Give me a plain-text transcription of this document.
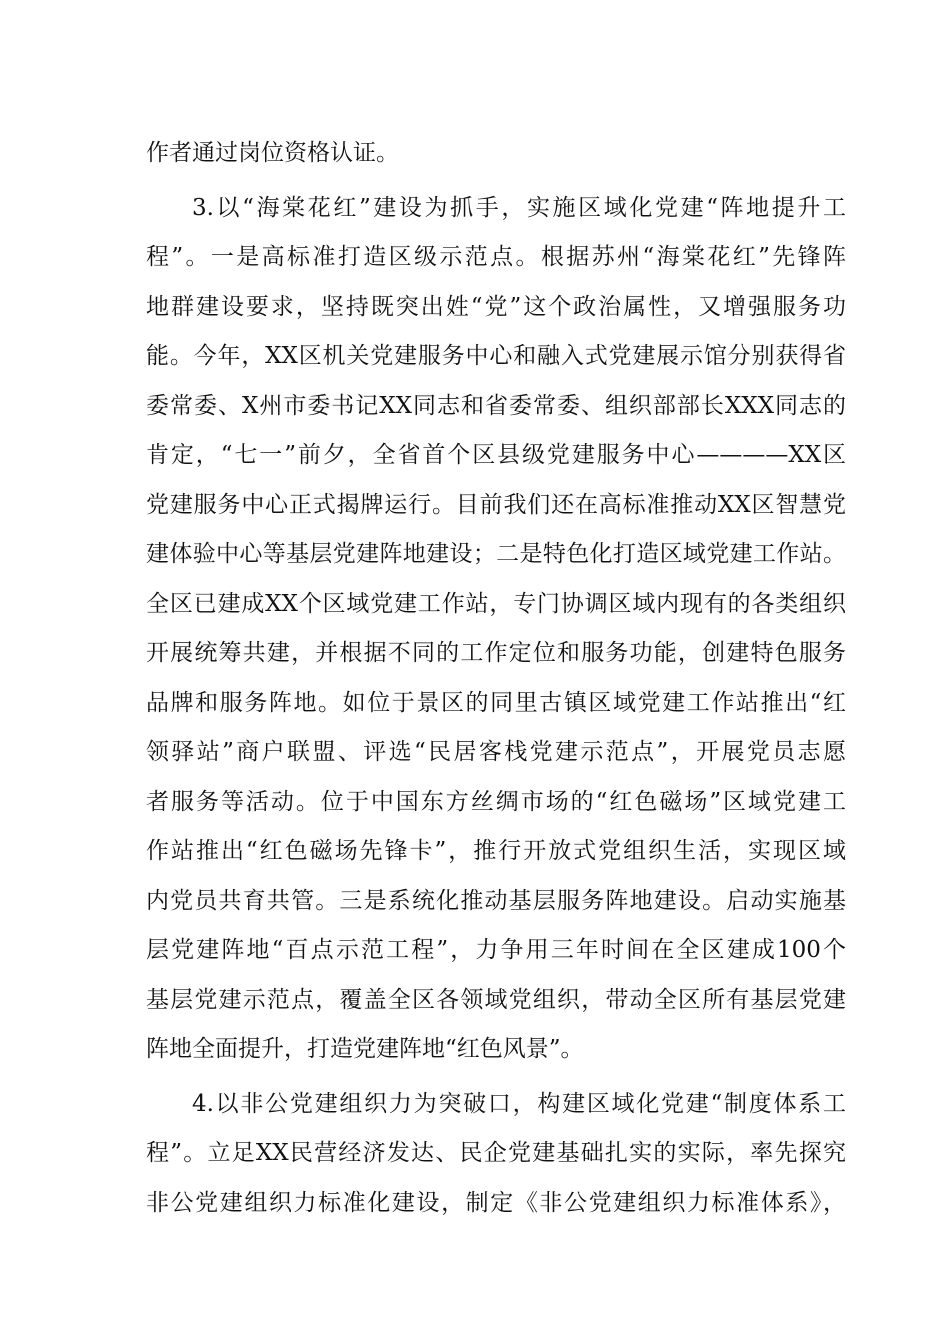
作者通过岗位资格认证。
3.以“海棠花红”建设为抓手，实施区域化党建“阵地提升工
程”。一是高标准打造区级示范点。根据苏州“海棠花红”先锋阵
地群建设要求，坚持既突出姓“党”这个政治属性，又增强服务功
能。今年，XX区机关党建服务中心和融入式党建展示馆分别获得省
委常委、X州市委书记XX同志和省委常委、组织部部长XXX同志的
肯定，“七一”前夕，全省首个区县级党建服务中心————XX区
党建服务中心正式揭牌运行。目前我们还在高标准推动XX区智慧党
建体验中心等基层党建阵地建设；二是特色化打造区域党建工作站。
全区已建成XX个区域党建工作站，专门协调区域内现有的各类组织
开展统筹共建，并根据不同的工作定位和服务功能，创建特色服务
品牌和服务阵地。如位于景区的同里古镇区域党建工作站推出“红
领驿站”商户联盟、评选“民居客栈党建示范点”，开展党员志愿
者服务等活动。位于中国东方丝绸市场的“红色磁场”区域党建工
作站推出“红色磁场先锋卡”，推行开放式党组织生活，实现区域
内党员共育共管。三是系统化推动基层服务阵地建设。启动实施基
层党建阵地“百点示范工程”，力争用三年时间在全区建成100个
基层党建示范点，覆盖全区各领域党组织，带动全区所有基层党建
阵地全面提升，打造党建阵地“红色风景”。
4.以非公党建组织力为突破口，构建区域化党建“制度体系工
程”。立足XX民营经济发达、民企党建基础扎实的实际，率先探究
非公党建组织力标准化建设，制定《非公党建组织力标准体系》，
